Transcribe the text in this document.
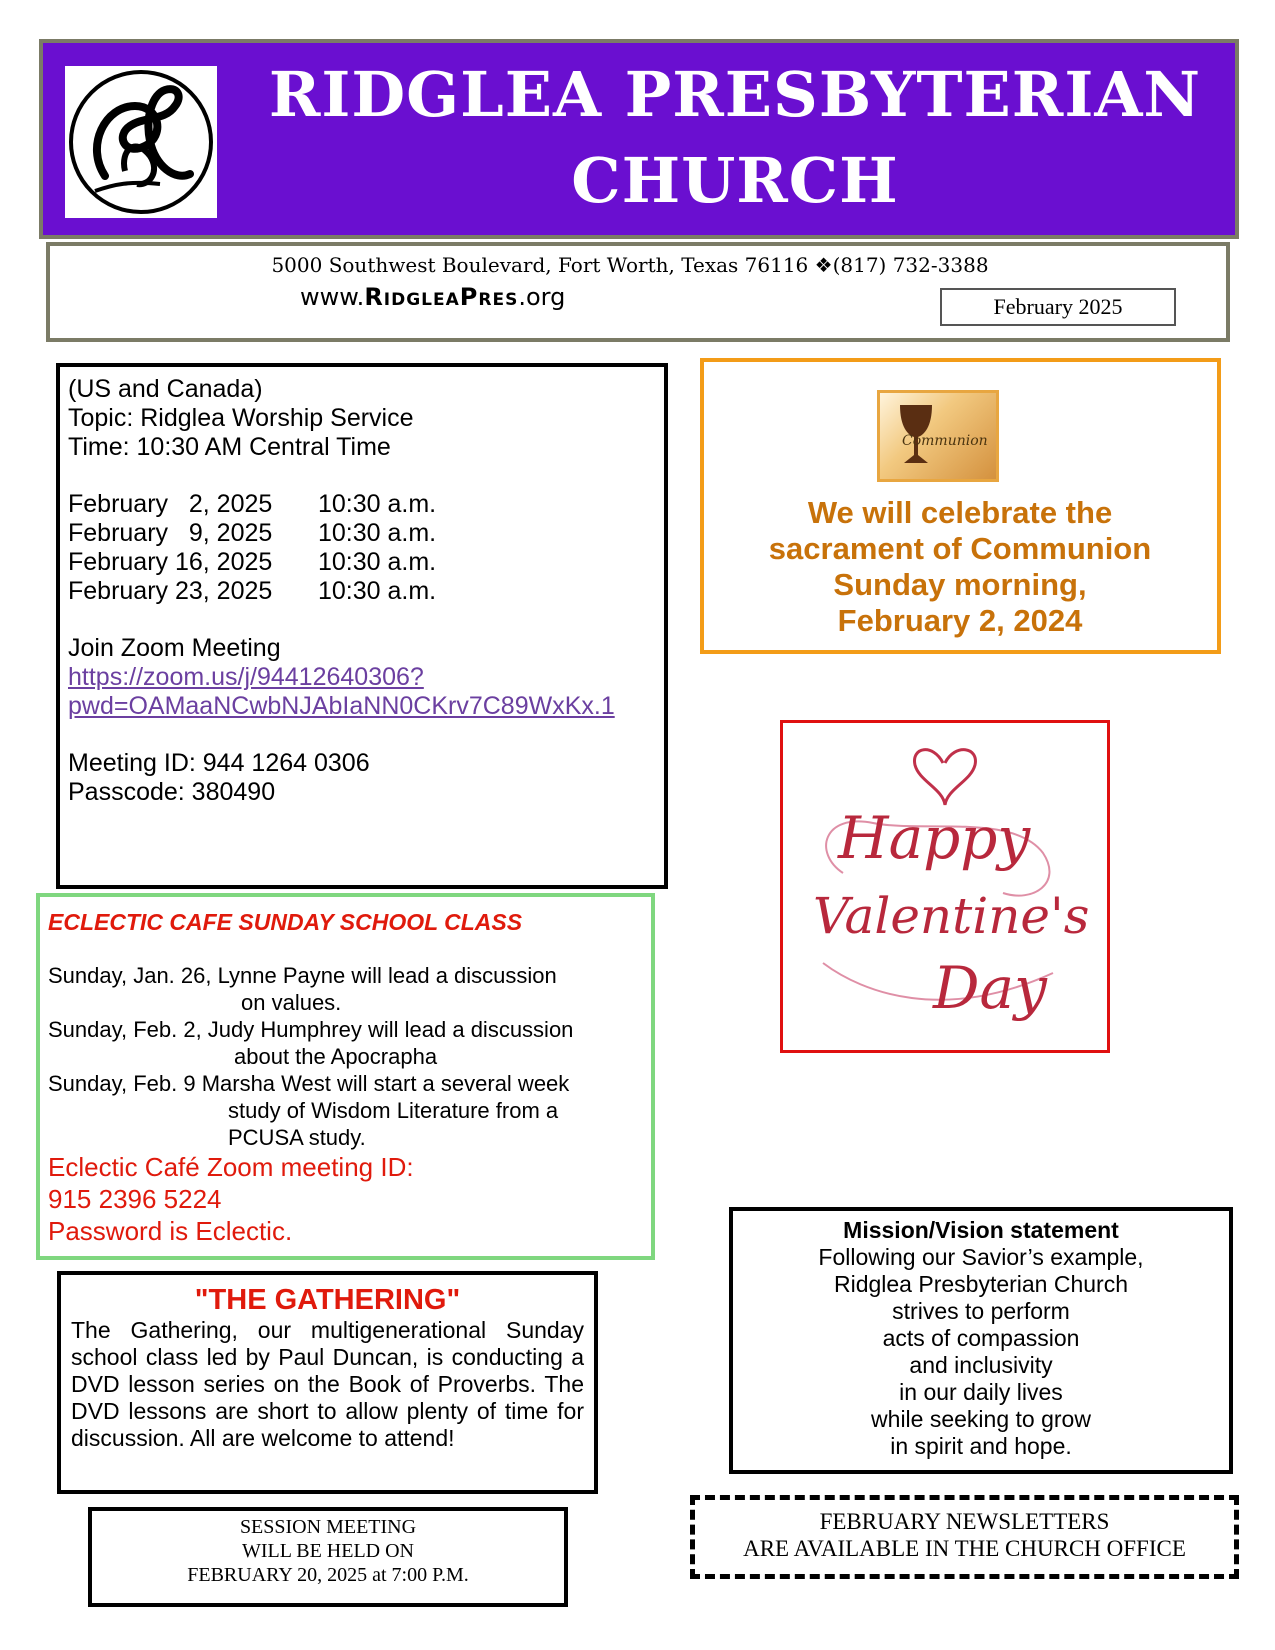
RIDGLEA PRESBYTERIAN
CHURCH
5000 Southwest Boulevard, Fort Worth, Texas 76116 ❖(817) 732-3388
www.RidgleaPres.org	February 2025
(US and Canada)
Topic: Ridglea Worship Service
Time: 10:30 AM Central Time
February   2, 2025	10:30 a.m.
February   9, 2025	10:30 a.m.
February 16, 2025	10:30 a.m.
February 23, 2025	10:30 a.m.
Join Zoom Meeting
https://zoom.us/j/94412640306?
pwd=OAMaaNCwbNJAbIaNN0CKrv7C89WxKx.1
Meeting ID: 944 1264 0306
Passcode: 380490
Communion
We will celebrate the
sacrament of Communion
Sunday morning,
February 2, 2024
Happy
Valentine's
Day
ECLECTIC CAFE SUNDAY SCHOOL CLASS
Sunday, Jan. 26, Lynne Payne will lead a discussion
on values.
Sunday, Feb. 2, Judy Humphrey will lead a discussion
about the Apocrapha
Sunday, Feb. 9 Marsha West will start a several week
study of Wisdom Literature from a
PCUSA study.
Eclectic Café Zoom meeting ID:
915 2396 5224
Password is Eclectic.
"THE GATHERING"
The Gathering, our multigenerational Sunday school class led by Paul Duncan, is conducting a DVD lesson series on the Book of Proverbs. The DVD lessons are short to allow plenty of time for discussion. All are welcome to attend!
SESSION MEETING
WILL BE HELD ON
FEBRUARY 20, 2025 at 7:00 P.M.
Mission/Vision statement
Following our Savior’s example,
Ridglea Presbyterian Church
strives to perform
acts of compassion
and inclusivity
in our daily lives
while seeking to grow
in spirit and hope.
FEBRUARY NEWSLETTERS
ARE AVAILABLE IN THE CHURCH OFFICE
